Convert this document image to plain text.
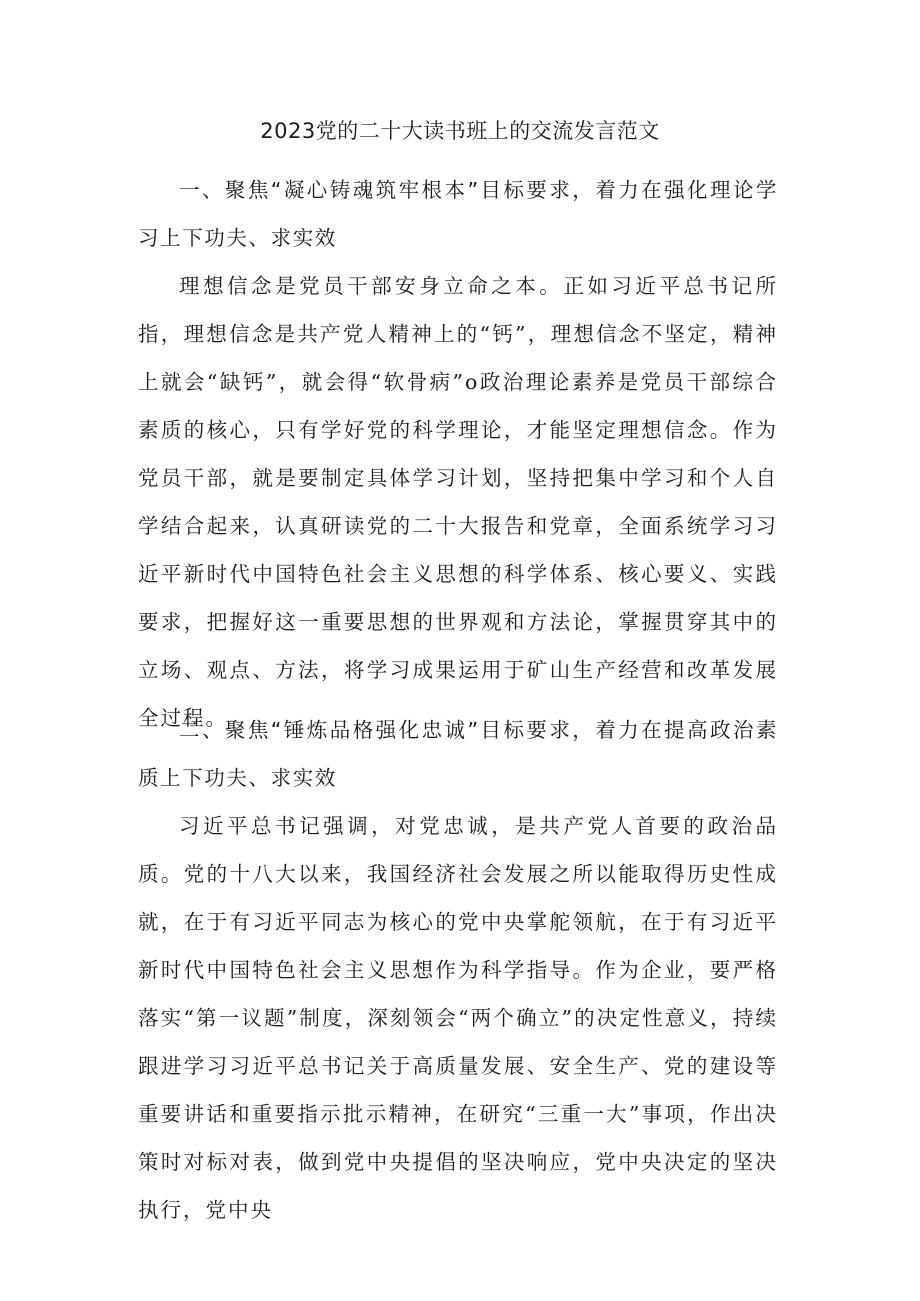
2023党的二十大读书班上的交流发言范文

一、聚焦“凝心铸魂筑牢根本”目标要求，着力在强化理论学习上下功夫、求实效

理想信念是党员干部安身立命之本。正如习近平总书记所指，理想信念是共产党人精神上的“钙”，理想信念不坚定，精神上就会“缺钙”，就会得“软骨病”o政治理论素养是党员干部综合素质的核心，只有学好党的科学理论，才能坚定理想信念。作为党员干部，就是要制定具体学习计划，坚持把集中学习和个人自学结合起来，认真研读党的二十大报告和党章，全面系统学习习近平新时代中国特色社会主义思想的科学体系、核心要义、实践要求，把握好这一重要思想的世界观和方法论，掌握贯穿其中的立场、观点、方法，将学习成果运用于矿山生产经营和改革发展全过程。

二、聚焦“锤炼品格强化忠诚”目标要求，着力在提高政治素质上下功夫、求实效

习近平总书记强调，对党忠诚，是共产党人首要的政治品质。党的十八大以来，我国经济社会发展之所以能取得历史性成就，在于有习近平同志为核心的党中央掌舵领航，在于有习近平新时代中国特色社会主义思想作为科学指导。作为企业，要严格落实“第一议题”制度，深刻领会“两个确立”的决定性意义，持续跟进学习习近平总书记关于高质量发展、安全生产、党的建设等重要讲话和重要指示批示精神，在研究“三重一大”事项，作出决策时对标对表，做到党中央提倡的坚决响应，党中央决定的坚决执行，党中央
